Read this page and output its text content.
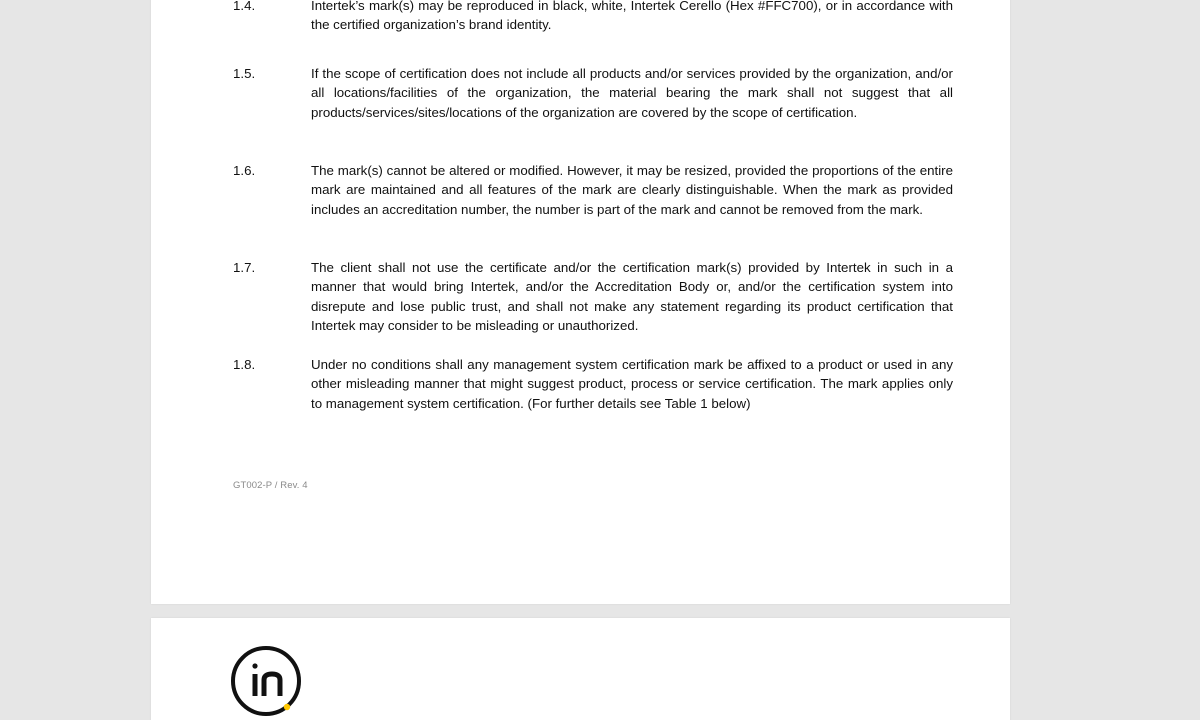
1.4.	Intertek’s mark(s) may be reproduced in black, white, Intertek Cerello (Hex #FFC700), or in accordance with the certified organization’s brand identity.
1.5.	If the scope of certification does not include all products and/or services provided by the organization, and/or all locations/facilities of the organization, the material bearing the mark shall not suggest that all products/services/sites/locations of the organization are covered by the scope of certification.
1.6.	The mark(s) cannot be altered or modified. However, it may be resized, provided the proportions of the entire mark are maintained and all features of the mark are clearly distinguishable. When the mark as provided includes an accreditation number, the number is part of the mark and cannot be removed from the mark.
1.7.	The client shall not use the certificate and/or the certification mark(s) provided by Intertek in such in a manner that would bring Intertek, and/or the Accreditation Body or, and/or the certification system into disrepute and lose public trust, and shall not make any statement regarding its product certification that Intertek may consider to be misleading or unauthorized.
1.8.	Under no conditions shall any management system certification mark be affixed to a product or used in any other misleading manner that might suggest product, process or service certification. The mark applies only to management system certification. (For further details see Table 1 below)
GT002-P / Rev. 4
